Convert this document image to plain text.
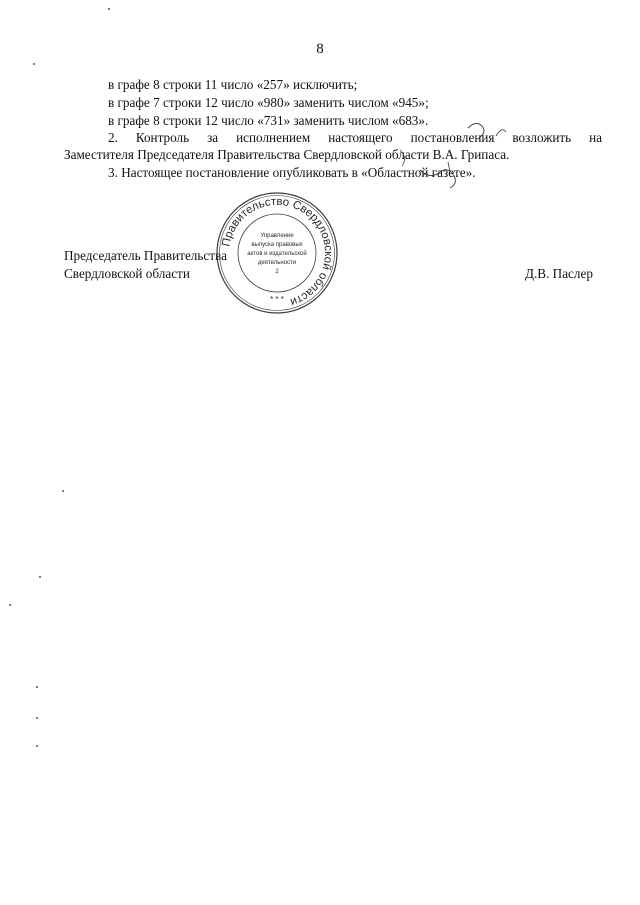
8
в графе 8 строки 11 число «257» исключить;
в графе 7 строки 12 число «980» заменить числом «945»;
в графе 8 строки 12 число «731» заменить числом «683».
2. Контроль за исполнением настоящего постановления возложить на
Заместителя Председателя Правительства Свердловской области В.А. Грипаса.
3. Настоящее постановление опубликовать в «Областной газете».
Председатель Правительства
Свердловской области	Д.В. Паслер
Правительство Свердловской области
Управление
выпуска правовых
актов и издательской
деятельности
2
* * *
